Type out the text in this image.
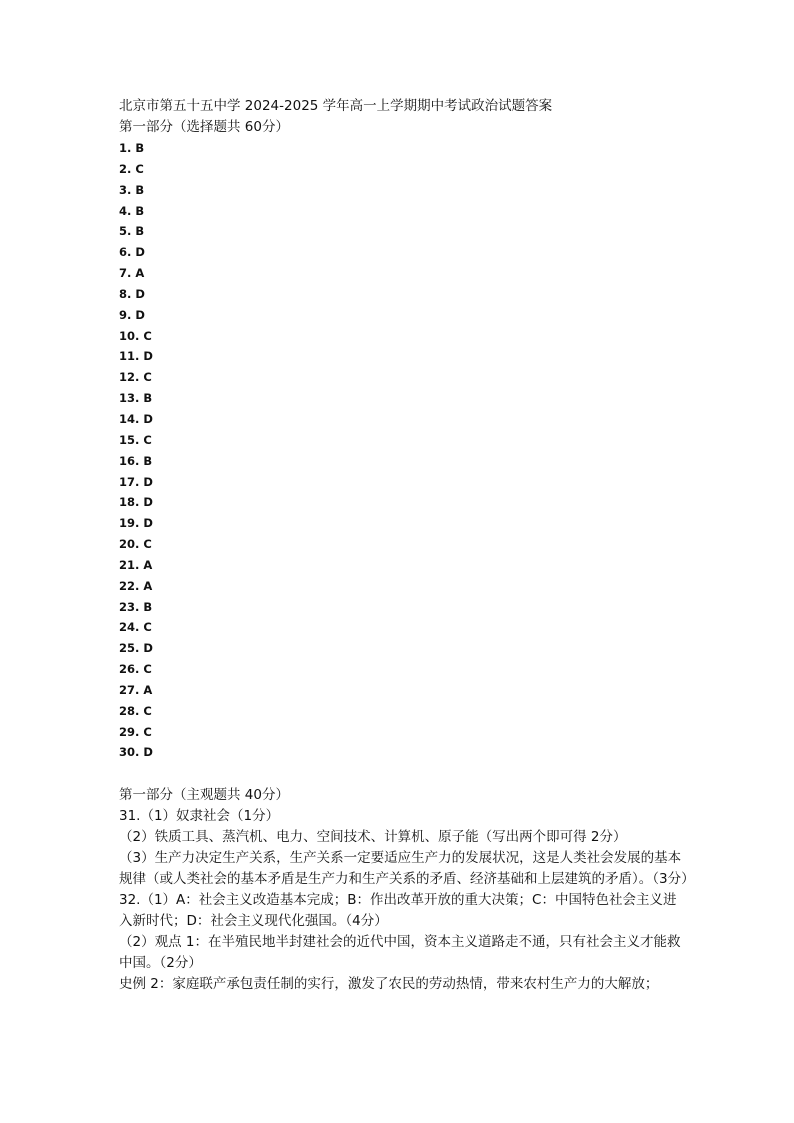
北京市第五十五中学 2024-2025 学年高一上学期期中考试政治试题答案
第一部分（选择题共 60分）
1. B
2. C
3. B
4. B
5. B
6. D
7. A
8. D
9. D
10. C
11. D
12. C
13. B
14. D
15. C
16. B
17. D
18. D
19. D
20. C
21. A
22. A
23. B
24. C
25. D
26. C
27. A
28. C
29. C
30. D
第一部分（主观题共 40分）

31.（1）奴隶社会（1分）

（2）铁质工具、蒸汽机、电力、空间技术、计算机、原子能（写出两个即可得 2分）

（3）生产力决定生产关系，生产关系一定要适应生产力的发展状况，这是人类社会发展的基本规律（或人类社会的基本矛盾是生产力和生产关系的矛盾、经济基础和上层建筑的矛盾）。（3分）

32.（1）A：社会主义改造基本完成；B：作出改革开放的重大决策；C：中国特色社会主义进入新时代；D：社会主义现代化强国。（4分）

（2）观点 1：在半殖民地半封建社会的近代中国，资本主义道路走不通，只有社会主义才能救中国。（2分）

史例 2：家庭联产承包责任制的实行，激发了农民的劳动热情，带来农村生产力的大解放；
